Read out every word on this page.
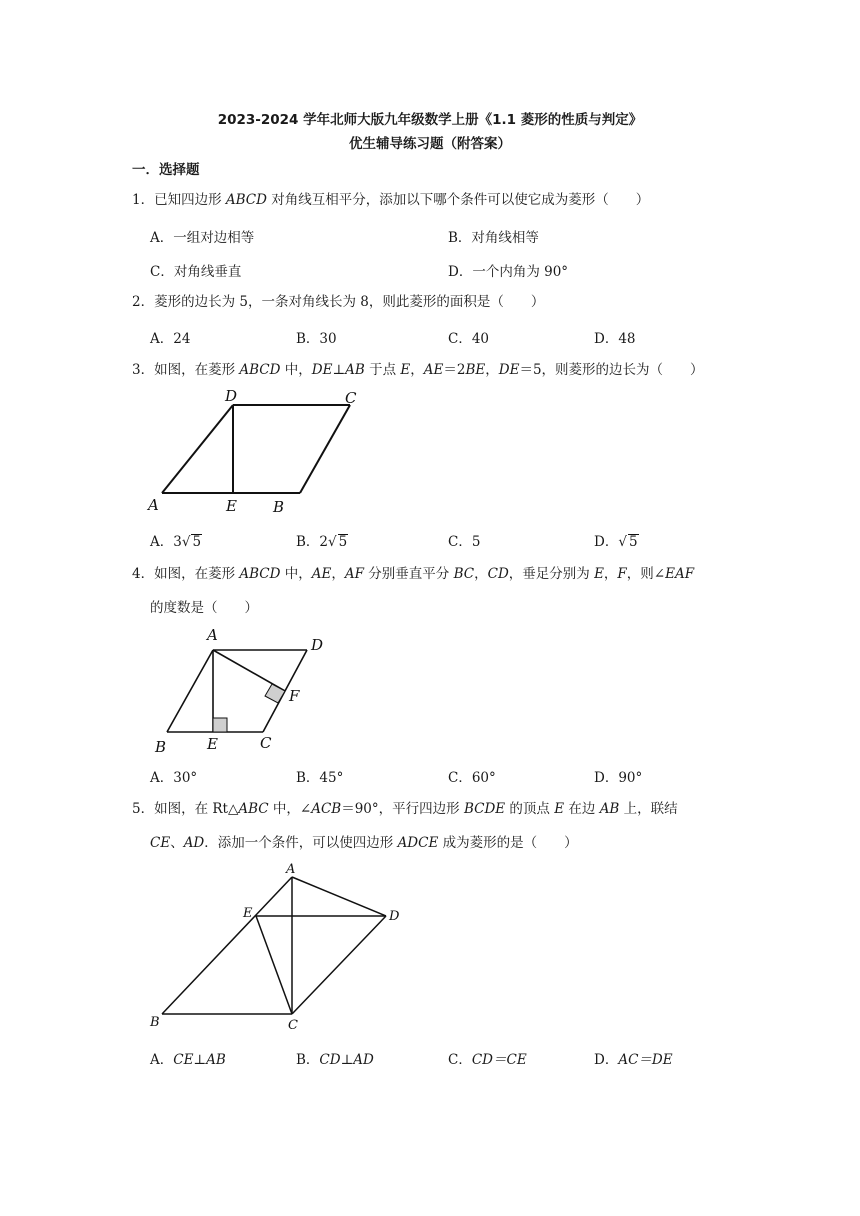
2023-2024 学年北师大版九年级数学上册《1.1 菱形的性质与判定》
优生辅导练习题（附答案）
一．选择题
1．已知四边形 ABCD 对角线互相平分，添加以下哪个条件可以使它成为菱形（　　）
A．一组对边相等	B．对角线相等
C．对角线垂直	D．一个内角为 90°
2．菱形的边长为 5，一条对角线长为 8，则此菱形的面积是（　　）
A．24	B．30	C．40	D．48
3．如图，在菱形 ABCD 中，DE⊥AB 于点 E，AE＝2BE，DE＝5，则菱形的边长为（　　）
D	C
A	E B
A．3√ 5	B．2√ 5	C．5	D．√ 5
4．如图，在菱形 ABCD 中，AE，AF 分别垂直平分 BC，CD，垂足分别为 E，F，则∠EAF
的度数是（　　）
A
D
F
B	E	C
A．30°	B．45°	C．60°	D．90°
5．如图，在 Rt△ABC 中，∠ACB＝90°，平行四边形 BCDE 的顶点 E 在边 AB 上，联结
CE、AD．添加一个条件，可以使四边形 ADCE 成为菱形的是（　　）
A
E	D
B	C
A．CE⊥AB	B．CD⊥AD	C．CD＝CE	D．AC＝DE
